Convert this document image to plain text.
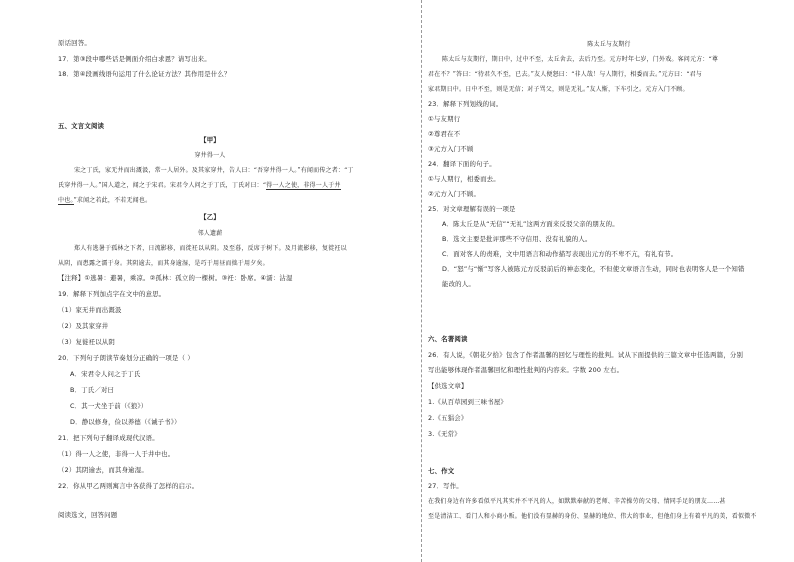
原话回答。
17．第③段中哪些话是侧面介绍白求恩？请写出来。
18．第④段画线语句运用了什么论证方法？其作用是什么？
五、文言文阅读
【甲】
穿井得一人
宋之丁氏，家无井而出溉汲，常一人居外。及其家穿井，告人曰：“吾穿井得一人。”有闻而传之者：“丁
氏穿井得一人。”国人道之，闻之于宋君。宋君令人问之于丁氏，丁氏对曰：“得一人之使，非得一人于井
中也。”求闻之若此，不若无闻也。
【乙】
邻人遗薪
郑人有逃暑于孤林之下者，日流影移，而徙衽以从阴。及至暮，反席于树下。及月流影移，复徙衽以
从阴，而患露之濡于身。其阴逾去，而其身逾湿，是巧于用昼而拙于用夕矣。
【注释】①逃暑：避暑，乘凉。②孤林：孤立的一棵树。③衽：卧席。④濡：沾湿
19．解释下列加点字在文中的意思。
（1）家无井而出溉汲
（2）及其家穿井
（3）复徙衽以从阴
20．下列句子朗读节奏划分正确的一项是（ ）
A．宋君令人问之于丁氏
B．丁氏／对曰
C．其一犬坐于前（《狼》）
D．静以修身，俭以养德（《诫子书》）
21．把下列句子翻译成现代汉语。
（1）得一人之使，非得一人于井中也。
（2）其阴逾去，而其身逾湿。
22．你从甲乙两则寓言中各获得了怎样的启示。
阅读选文，回答问题
陈太丘与友期行
陈太丘与友期行，期日中，过中不至，太丘舍去，去后乃至。元方时年七岁，门外戏。客问元方：“尊
君在不？”答曰：“待君久不至，已去。”友人便怒曰：“非人哉！与人期行，相委而去。”元方曰：“君与
家君期日中。日中不至，则是无信；对子骂父，则是无礼。”友人惭，下车引之。元方入门不顾。
23．解释下列划线的词。
①与友期行
②尊君在不
③元方入门不顾
24．翻译下面的句子。
①与人期行，相委而去。
②元方入门不顾。
25．对文章理解有误的一项是
A．陈太丘是从“无信”“无礼”这两方面来反驳父亲的朋友的。
B．选文主要是批评那些不守信用、没有礼貌的人。
C．面对客人的责难，文中用语言和动作描写表现出元方的不卑不亢，有礼有节。
D．“怒”与“惭”写客人被陈元方反驳前后的神态变化，不但使文章语言生动，同时也表明客人是一个知错
能改的人。
六、名著阅读
26．有人说，《朝花夕拾》包含了作者温馨的回忆与理性的批判。试从下面提供的三篇文章中任选两篇，分别
写出能够体现作者温馨回忆和理性批判的内容来。字数 200 左右。
【供选文章】
1.《从百草园到三味书屋》
2.《五猖会》
3.《无常》
七、作文
27．写作。
在我们身边有许多看似平凡其实并不平凡的人，如默默奉献的老师、辛苦操劳的父母、情同手足的朋友……甚
至是清洁工、看门人和小商小贩。他们没有显赫的身份、显赫的地位、伟大的事业，但他们身上有着平凡的美，看似微不
